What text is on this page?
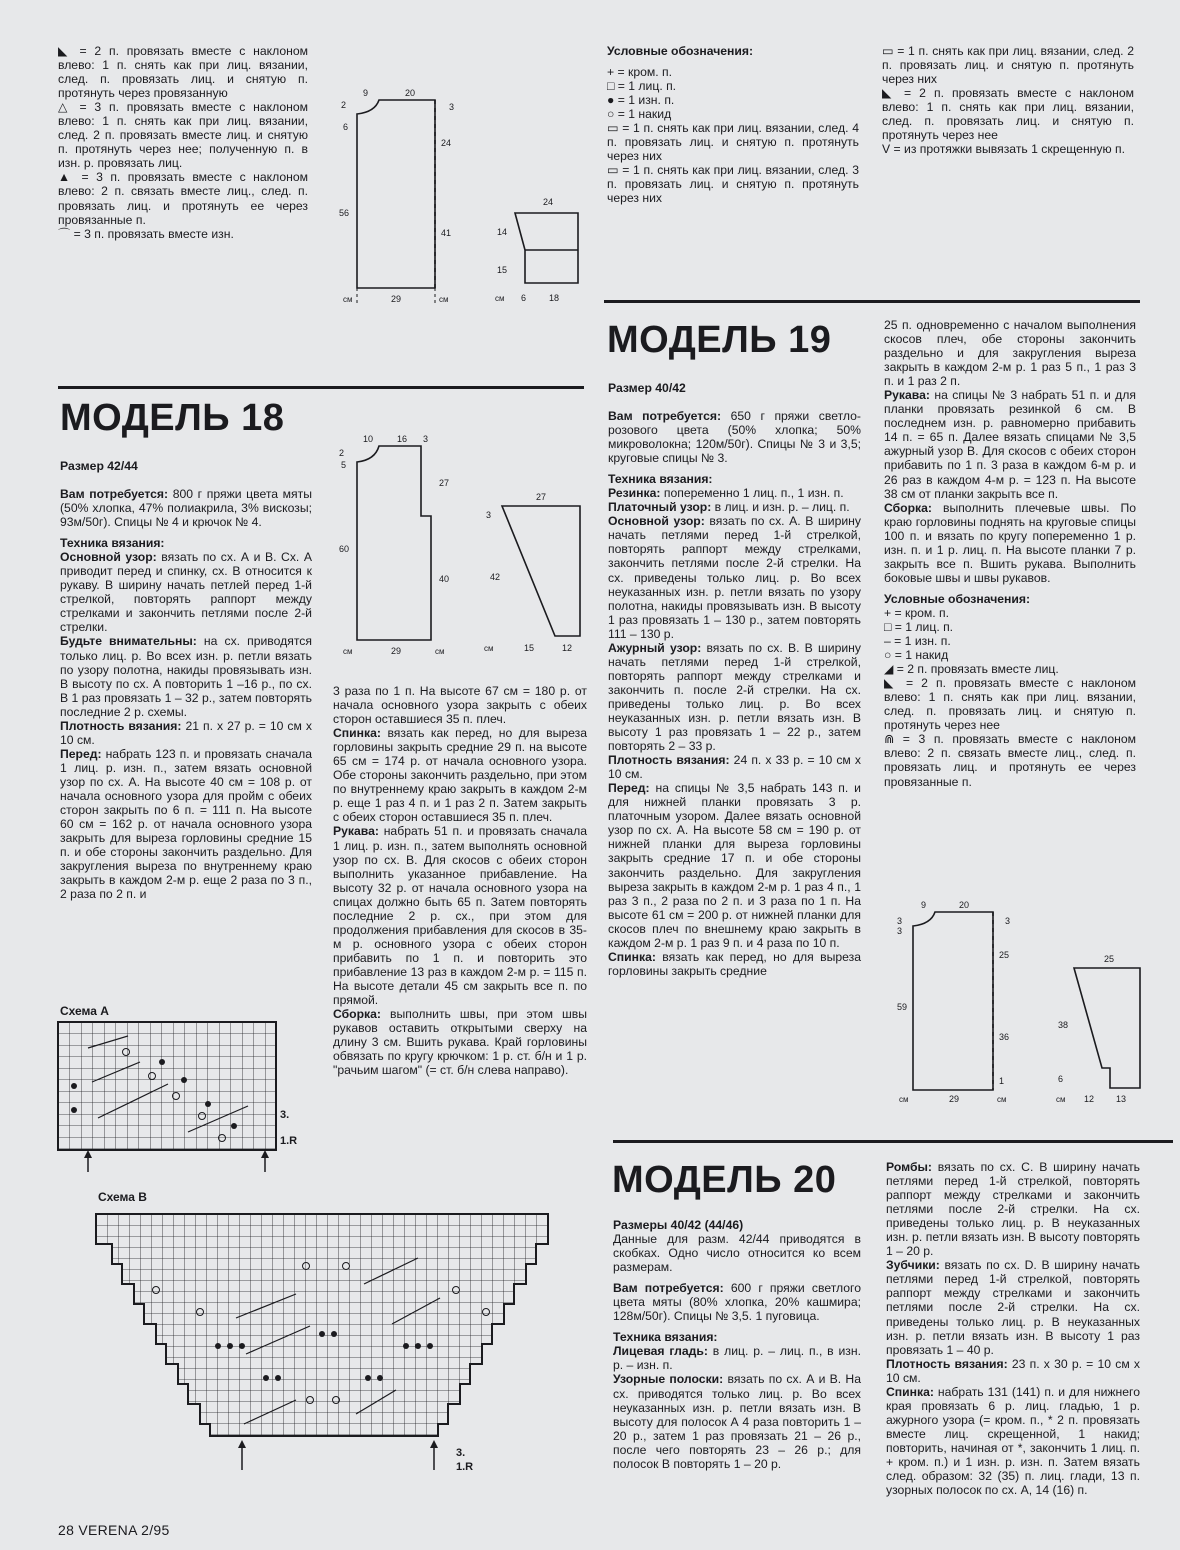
◣ = 2 п. провязать вместе с наклоном влево: 1 п. снять как при лиц. вязании, след. п. провязать лиц. и снятую п. протянуть через провязанную

△ = 3 п. провязать вместе с наклоном влево: 1 п. снять как при лиц. вязании, след. 2 п. провязать вместе лиц. и снятую п. протянуть через нее; полученную п. в изн. р. провязать лиц.

▲ = 3 п. провязать вместе с наклоном влево: 2 п. связать вместе лиц., след. п. провязать лиц. и протянуть ее через провязанные п.

⌒ = 3 п. провязать вместе изн.

9	20
2
6
3
24
41
56
29
см	см
24
14
15
6	18
см

Условные обозначения:

+ = кром. п.

□ = 1 лиц. п.

● = 1 изн. п.

○ = 1 накид

▭ = 1 п. снять как при лиц. вязании, след. 4 п. провязать лиц. и снятую п. протянуть через них

▭ = 1 п. снять как при лиц. вязании, след. 3 п. провязать лиц. и снятую п. протянуть через них

▭ = 1 п. снять как при лиц. вязании, след. 2 п. провязать лиц. и снятую п. протянуть через них

◣ = 2 п. провязать вместе с наклоном влево: 1 п. снять как при лиц. вязании, след. п. провязать лиц. и снятую п. протянуть через нее

V = из протяжки вывязать 1 скрещенную п.

МОДЕЛЬ 18

Размер 42/44

Вам потребуется: 800 г пряжи цвета мяты (50% хлопка, 47% полиакрила, 3% вискозы; 93м/50г). Спицы № 4 и крючок № 4.

Техника вязания:

Основной узор: вязать по сх. А и В. Сх. А приводит перед и спинку, сх. В относится к рукаву. В ширину начать петлей перед 1-й стрелкой, повторять раппорт между стрелками и закончить петлями после 2-й стрелки.

Будьте внимательны: на сх. приводятся только лиц. р. Во всех изн. р. петли вязать по узору полотна, накиды провязывать изн. В высоту по сх. А повторить 1 –16 р., по сх. В 1 раз провязать 1 – 32 р., затем повторять последние 2 р. схемы.

Плотность вязания: 21 п. x 27 р. = 10 см x 10 см.

Перед: набрать 123 п. и провязать сначала 1 лиц. р. изн. п., затем вязать основной узор по сх. А. На высоте 40 см = 108 р. от начала основного узора для пройм с обеих сторон закрыть по 6 п. = 111 п. На высоте 60 см = 162 р. от начала основного узора закрыть для выреза горловины средние 15 п. и обе стороны закончить раздельно. Для закругления выреза по внутреннему краю закрыть в каждом 2-м р. еще 2 раза по 3 п., 2 раза по 2 п. и

3 раза по 1 п. На высоте 67 см = 180 р. от начала основного узора закрыть с обеих сторон оставшиеся 35 п. плеч.

Спинка: вязать как перед, но для выреза горловины закрыть средние 29 п. на высоте 65 см = 174 р. от начала основного узора. Обе стороны закончить раздельно, при этом по внутреннему краю закрыть в каждом 2-м р. еще 1 раз 4 п. и 1 раз 2 п. Затем закрыть с обеих сторон оставшиеся 35 п. плеч.

Рукава: набрать 51 п. и провязать сначала 1 лиц. р. изн. п., затем выполнять основной узор по сх. В. Для скосов с обеих сторон выполнить указанное прибавление. На высоту 32 р. от начала основного узора на спицах должно быть 65 п. Затем повторять последние 2 р. сх., при этом для продолжения прибавления для скосов в 35-м р. основного узора с обеих сторон прибавить по 1 п. и повторить это прибавление 13 раз в каждом 2-м р. = 115 п. На высоте детали 45 см закрыть все п. по прямой.

Сборка: выполнить швы, при этом швы рукавов оставить открытыми сверху на длину 3 см. Вшить рукава. Край горловины обвязать по кругу крючком: 1 р. ст. б/н и 1 р. "рачьим шагом" (= ст. б/н слева направо).

10	16 3
2
5
27
40
60
29
см	см
27
3
42
15	12
см
Схема А
3.
1.R
Схема В
3.
1.R
МОДЕЛЬ 19

Размер 40/42

Вам потребуется: 650 г пряжи светло-розового цвета (50% хлопка; 50% микроволокна; 120м/50г). Спицы № 3 и 3,5; круговые спицы № 3.

Техника вязания:

Резинка: попеременно 1 лиц. п., 1 изн. п.

Платочный узор: в лиц. и изн. р. – лиц. п.

Основной узор: вязать по сх. А. В ширину начать петлями перед 1-й стрелкой, повторять раппорт между стрелками, закончить петлями после 2-й стрелки. На сх. приведены только лиц. р. Во всех неуказанных изн. р. петли вязать по узору полотна, накиды провязывать изн. В высоту 1 раз провязать 1 – 130 р., затем повторять 111 – 130 р.

Ажурный узор: вязать по сх. В. В ширину начать петлями перед 1-й стрелкой, повторять раппорт между стрелками и закончить п. после 2-й стрелки. На сх. приведены только лиц. р. Во всех неуказанных изн. р. петли вязать изн. В высоту 1 раз провязать 1 – 22 р., затем повторять 2 – 33 р.

Плотность вязания: 24 п. x 33 р. = 10 см x 10 см.

Перед: на спицы № 3,5 набрать 143 п. и для нижней планки провязать 3 р. платочным узором. Далее вязать основной узор по сх. А. На высоте 58 см = 190 р. от нижней планки для выреза горловины закрыть средние 17 п. и обе стороны закончить раздельно. Для закругления выреза закрыть в каждом 2-м р. 1 раз 4 п., 1 раз 3 п., 2 раза по 2 п. и 3 раза по 1 п. На высоте 61 см = 200 р. от нижней планки для скосов плеч по внешнему краю закрыть в каждом 2-м р. 1 раз 9 п. и 4 раза по 10 п.

Спинка: вязать как перед, но для выреза горловины закрыть средние

25 п. одновременно с началом выполнения скосов плеч, обе стороны закончить раздельно и для закругления выреза закрыть в каждом 2-м р. 1 раз 5 п., 1 раз 3 п. и 1 раз 2 п.

Рукава: на спицы № 3 набрать 51 п. и для планки провязать резинкой 6 см. В последнем изн. р. равномерно прибавить 14 п. = 65 п. Далее вязать спицами № 3,5 ажурный узор В. Для скосов с обеих сторон прибавить по 1 п. 3 раза в каждом 6-м р. и 26 раз в каждом 4-м р. = 123 п. На высоте 38 см от планки закрыть все п.

Сборка: выполнить плечевые швы. По краю горловины поднять на круговые спицы 100 п. и вязать по кругу попеременно 1 р. изн. п. и 1 р. лиц. п. На высоте планки 7 р. закрыть все п. Вшить рукава. Выполнить боковые швы и швы рукавов.

Условные обозначения:

+ = кром. п.

□ = 1 лиц. п.

– = 1 изн. п.

○ = 1 накид

◢ = 2 п. провязать вместе лиц.

◣ = 2 п. провязать вместе с наклоном влево: 1 п. снять как при лиц. вязании, след. п. провязать лиц. и снятую п. протянуть через нее

⋒ = 3 п. провязать вместе с наклоном влево: 2 п. связать вместе лиц., след. п. провязать лиц. и протянуть ее через провязанные п.

9	20
3
3
3
25
36
1
59
29
см	см
25
38
6
12 13
см
МОДЕЛЬ 20

Размеры 40/42 (44/46)

Данные для разм. 42/44 приводятся в скобках. Одно число относится ко всем размерам.

Вам потребуется: 600 г пряжи светлого цвета мяты (80% хлопка, 20% кашмира; 128м/50г). Спицы № 3,5. 1 пуговица.

Техника вязания:

Лицевая гладь: в лиц. р. – лиц. п., в изн. р. – изн. п.

Узорные полоски: вязать по сх. А и В. На сх. приводятся только лиц. р. Во всех неуказанных изн. р. петли вязать изн. В высоту для полосок А 4 раза повторить 1 – 20 р., затем 1 раз провязать 21 – 26 р., после чего повторять 23 – 26 р.; для полосок В повторять 1 – 20 р.

Ромбы: вязать по сх. С. В ширину начать петлями перед 1-й стрелкой, повторять раппорт между стрелками и закончить петлями после 2-й стрелки. На сх. приведены только лиц. р. В неуказанных изн. р. петли вязать изн. В высоту повторять 1 – 20 р.

Зубчики: вязать по сх. D. В ширину начать петлями перед 1-й стрелкой, повторять раппорт между стрелками и закончить петлями после 2-й стрелки. На сх. приведены только лиц. р. В неуказанных изн. р. петли вязать изн. В высоту 1 раз провязать 1 – 40 р.

Плотность вязания: 23 п. x 30 р. = 10 см x 10 см.

Спинка: набрать 131 (141) п. и для нижнего края провязать 6 р. лиц. гладью, 1 р. ажурного узора (= кром. п., * 2 п. провязать вместе лиц. скрещенной, 1 накид; повторить, начиная от *, закончить 1 лиц. п. + кром. п.) и 1 изн. р. изн. п. Затем вязать след. образом: 32 (35) п. лиц. глади, 13 п. узорных полосок по сх. А, 14 (16) п.

28 VERENA 2/95
